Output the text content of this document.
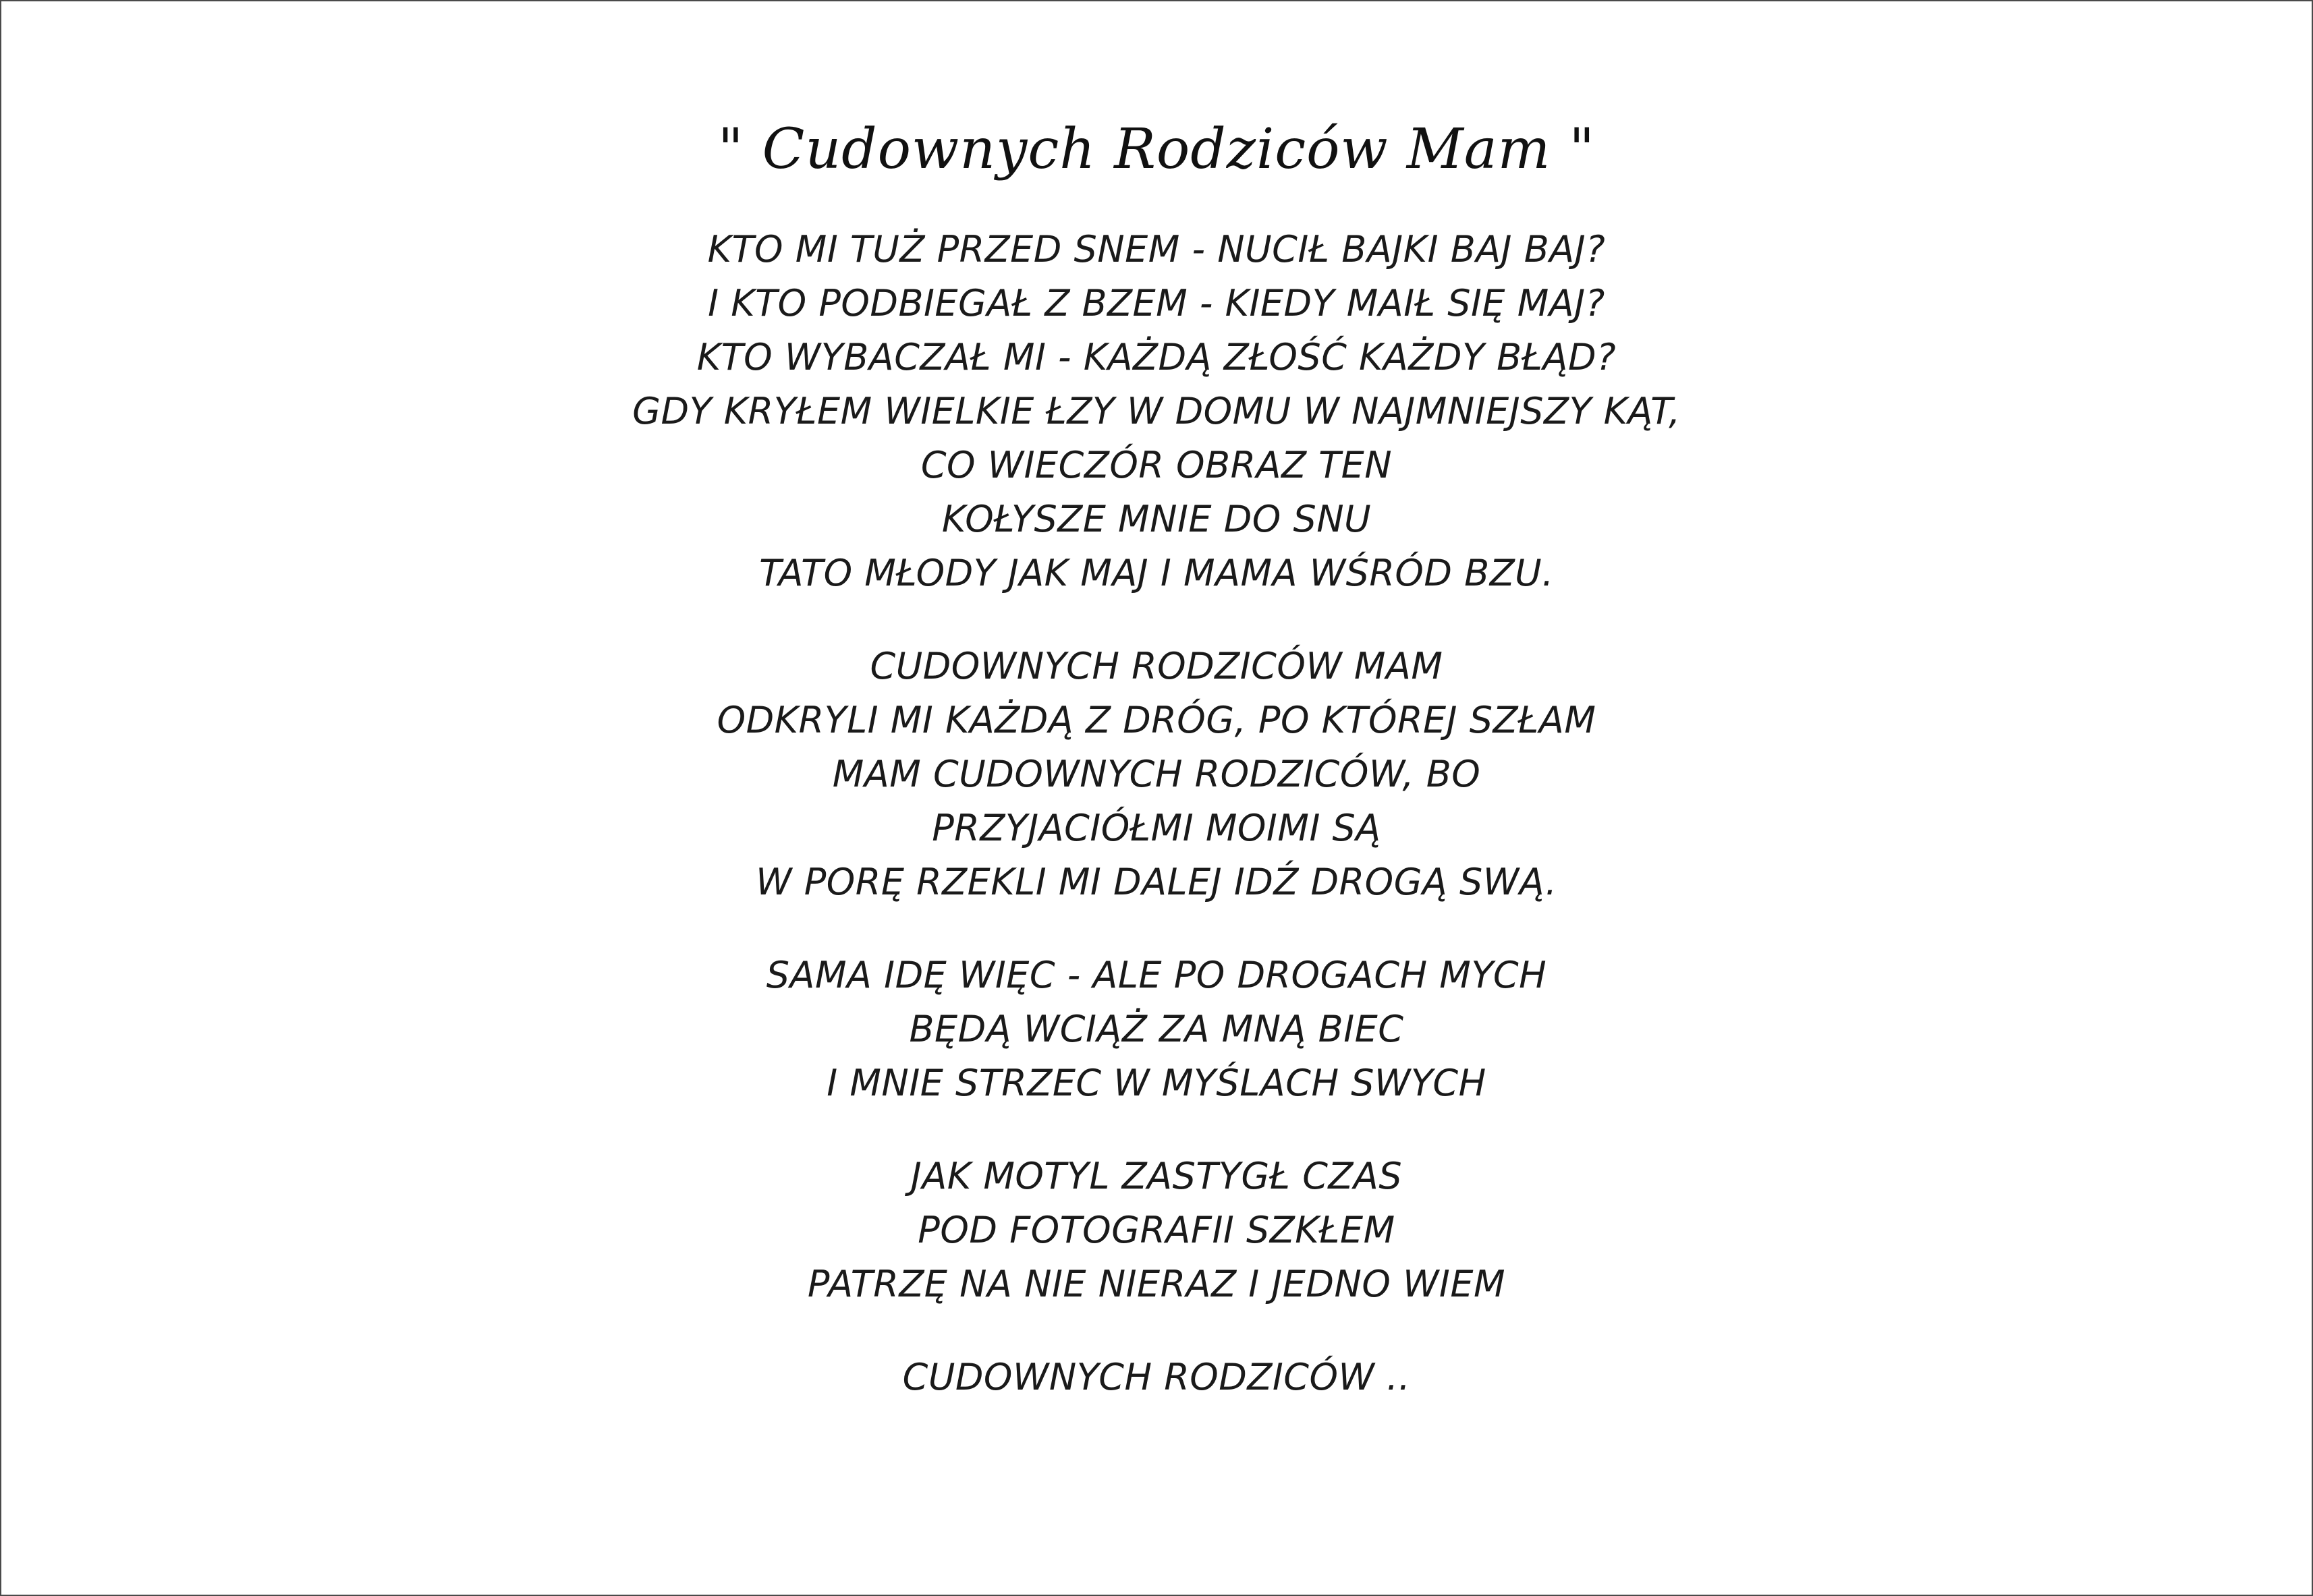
" Cudownych Rodziców Mam "
KTO MI TUŻ PRZED SNEM - NUCIŁ BAJKI BAJ BAJ?
I KTO PODBIEGAŁ Z BZEM - KIEDY MAIŁ SIĘ MAJ?
KTO WYBACZAŁ MI - KAŻDĄ ZŁOŚĆ KAŻDY BŁĄD?
GDY KRYŁEM WIELKIE ŁZY W DOMU W NAJMNIEJSZY KĄT,
CO WIECZÓR OBRAZ TEN
KOŁYSZE MNIE DO SNU
TATO MŁODY JAK MAJ I MAMA WŚRÓD BZU.
CUDOWNYCH RODZICÓW MAM
ODKRYLI MI KAŻDĄ Z DRÓG, PO KTÓREJ SZŁAM
MAM CUDOWNYCH RODZICÓW, BO
PRZYJACIÓŁMI MOIMI SĄ
W PORĘ RZEKLI MI DALEJ IDŹ DROGĄ SWĄ.
SAMA IDĘ WIĘC - ALE PO DROGACH MYCH
BĘDĄ WCIĄŻ ZA MNĄ BIEC
I MNIE STRZEC W MYŚLACH SWYCH
JAK MOTYL ZASTYGŁ CZAS
POD FOTOGRAFII SZKŁEM
PATRZĘ NA NIE NIERAZ I JEDNO WIEM
CUDOWNYCH RODZICÓW ..
